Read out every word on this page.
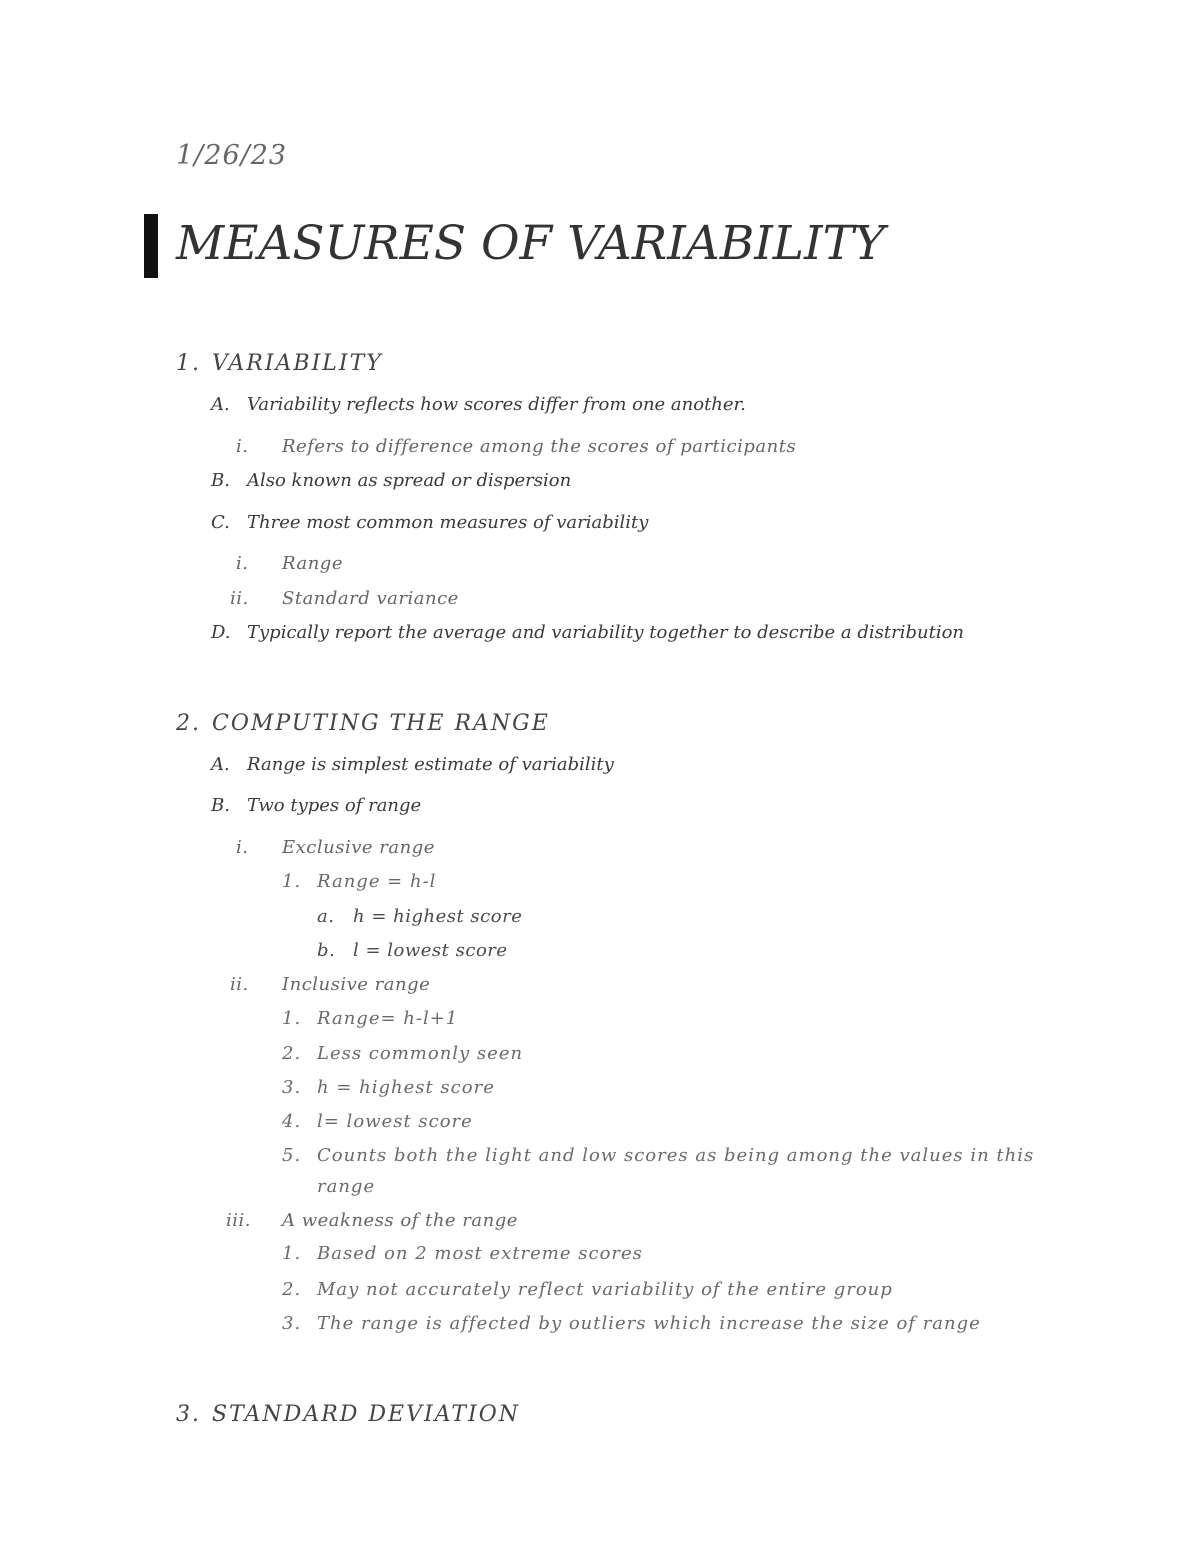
1/26/23
MEASURES OF VARIABILITY
1. VARIABILITY
A. Variability reflects how scores differ from one another.
i. Refers to difference among the scores of participants
B. Also known as spread or dispersion
C. Three most common measures of variability
i. Range
ii. Standard variance
D. Typically report the average and variability together to describe a distribution
2. COMPUTING THE RANGE
A. Range is simplest estimate of variability
B. Two types of range
i. Exclusive range
1. Range = h-l
a. h = highest score
b. l = lowest score
ii. Inclusive range
1. Range= h-l+1
2. Less commonly seen
3. h = highest score
4. l= lowest score
5. Counts both the light and low scores as being among the values in this
range
iii. A weakness of the range
1. Based on 2 most extreme scores
2. May not accurately reflect variability of the entire group
3. The range is affected by outliers which increase the size of range
3. STANDARD DEVIATION
